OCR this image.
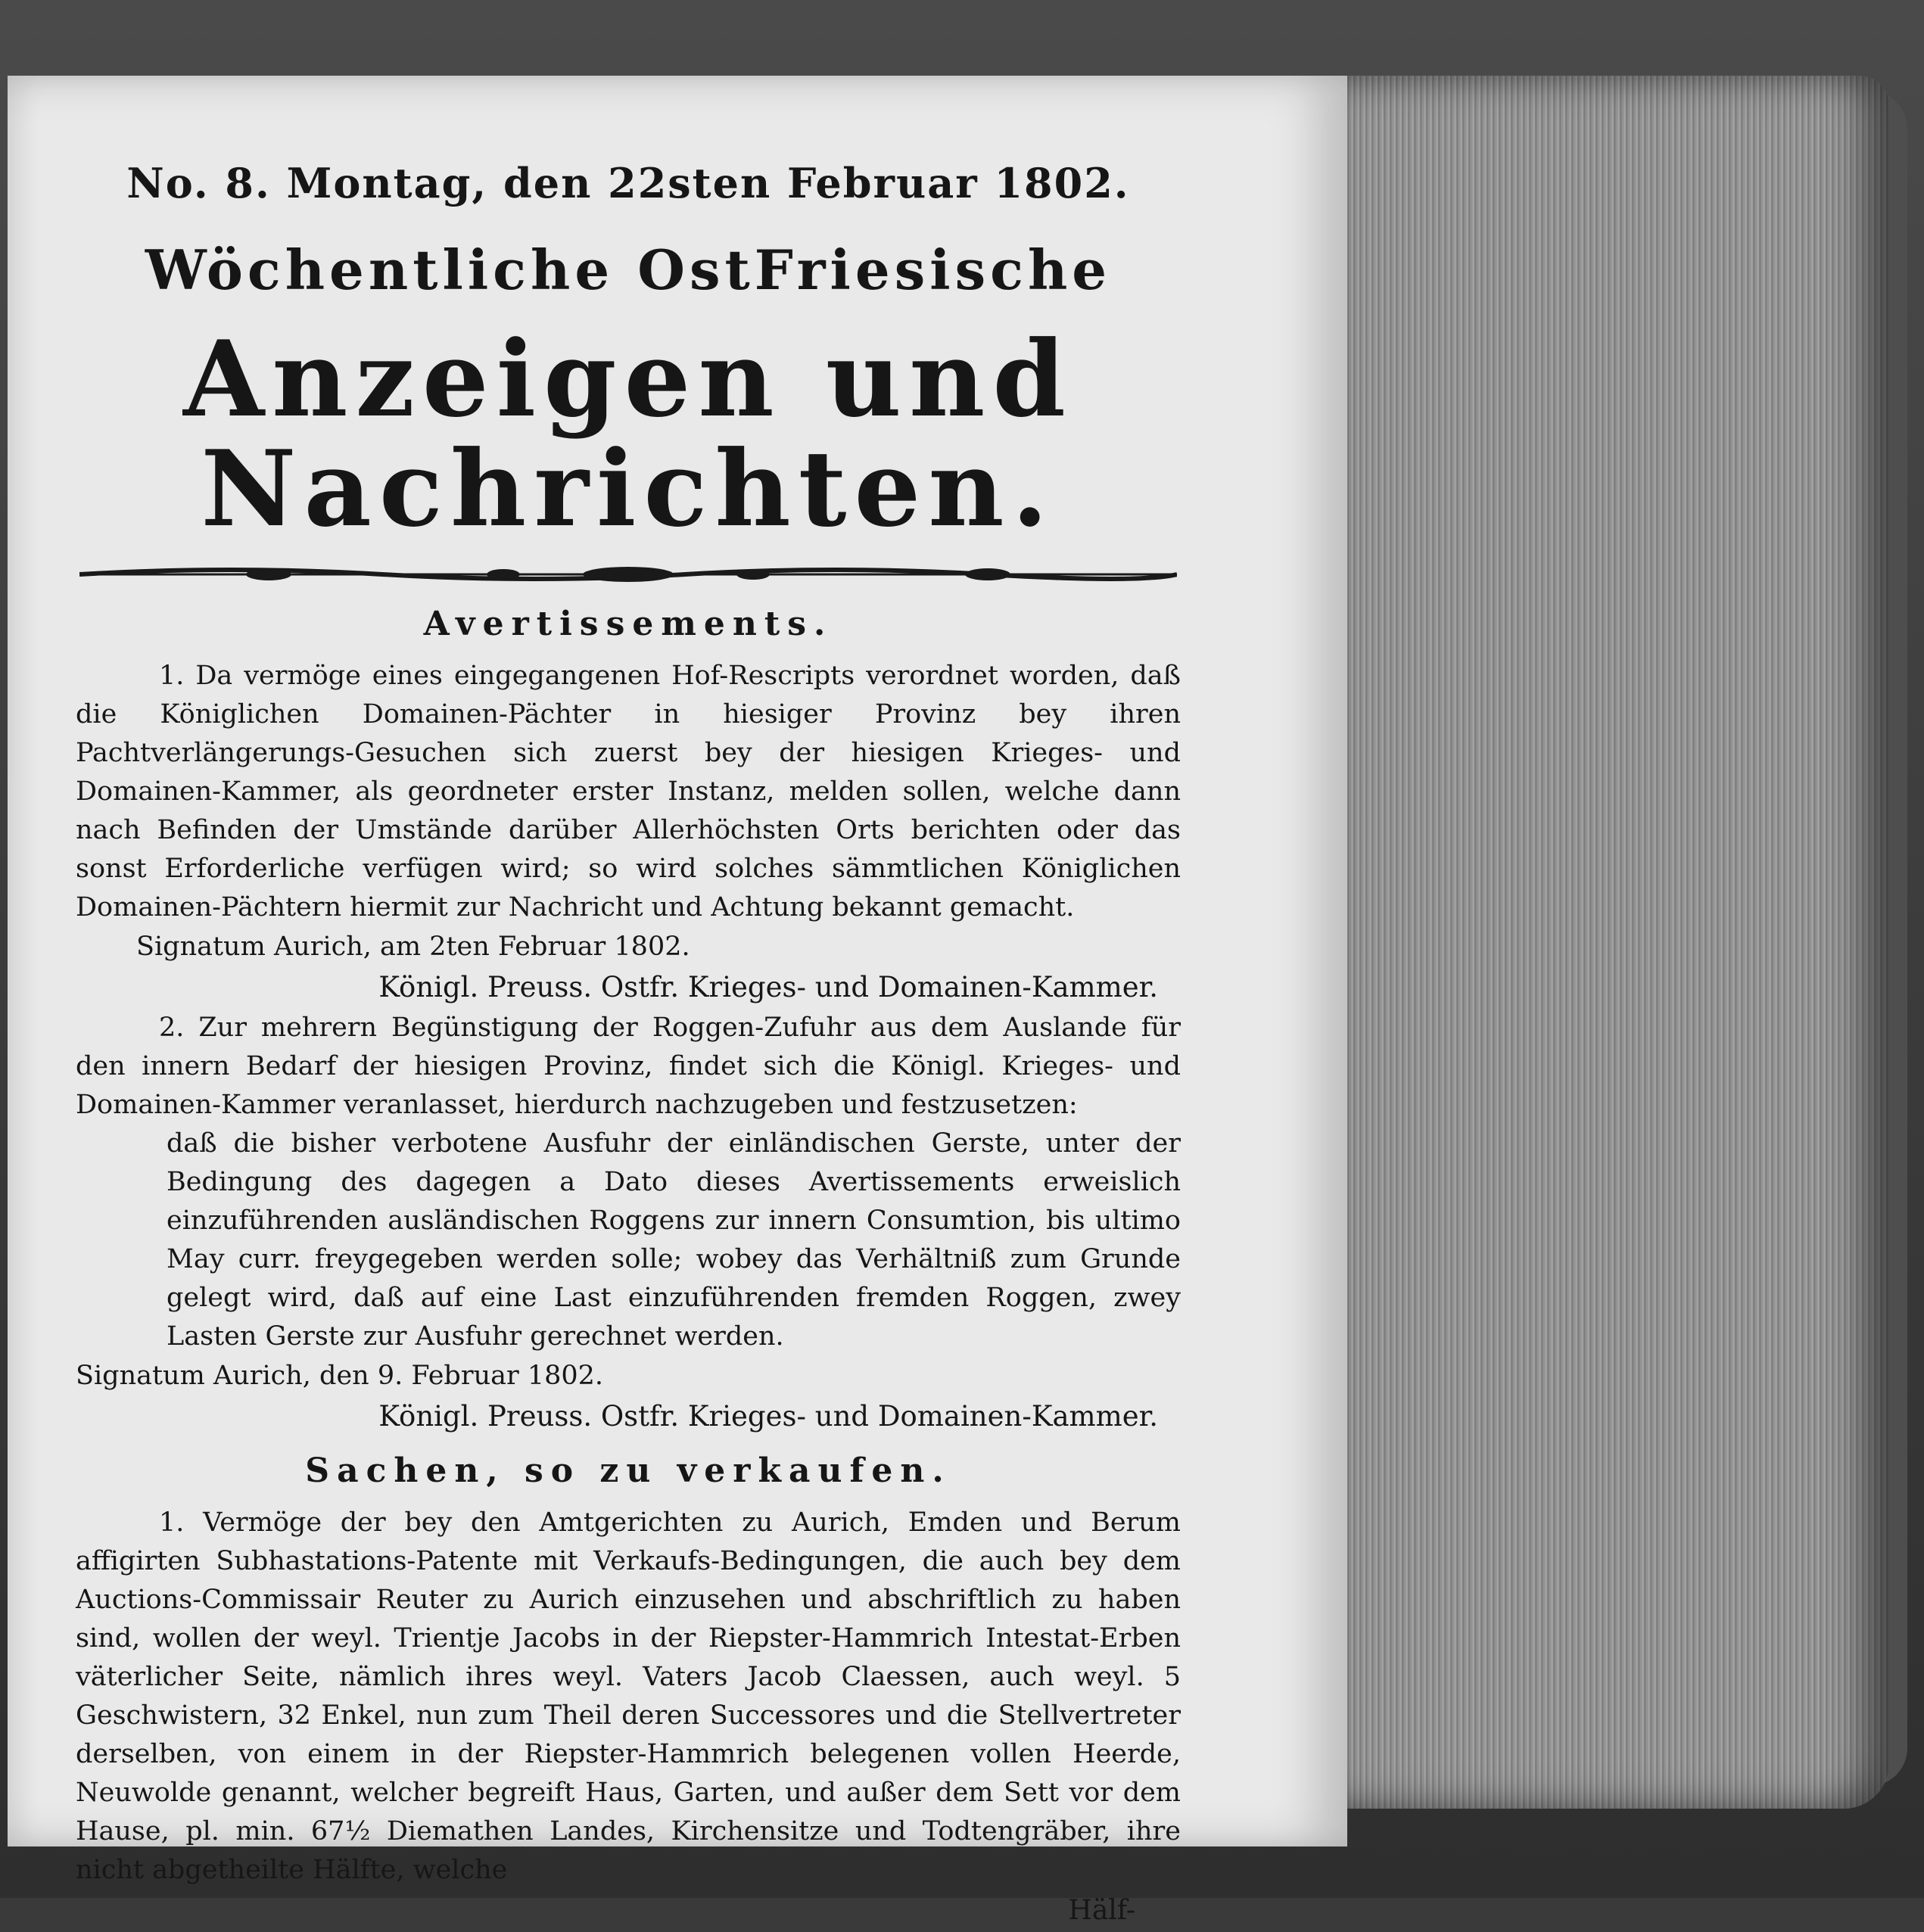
No. 8. Montag, den 22sten Februar 1802.
Wöchentliche OstFriesische
Anzeigen und Nachrichten.
Avertissements.

1. Da vermöge eines eingegangenen Hof-Rescripts verordnet worden, daß die Königlichen Domainen-Pächter in hiesiger Provinz bey ihren Pachtverlängerungs-Gesuchen sich zuerst bey der hiesigen Krieges- und Domainen-Kammer, als geordneter erster Instanz, melden sollen, welche dann nach Befinden der Umstände darüber Allerhöchsten Orts berichten oder das sonst Erforderliche verfügen wird; so wird solches sämmtlichen Königlichen Domainen-Pächtern hiermit zur Nachricht und Achtung bekannt gemacht.

Signatum Aurich, am 2ten Februar 1802.
Königl. Preuss. Ostfr. Krieges- und Domainen-Kammer.

2. Zur mehrern Begünstigung der Roggen-Zufuhr aus dem Auslande für den innern Bedarf der hiesigen Provinz, findet sich die Königl. Krieges- und Domainen-Kammer veranlasset, hierdurch nachzugeben und festzusetzen:

daß die bisher verbotene Ausfuhr der einländischen Gerste, unter der Bedingung des dagegen a Dato dieses Avertissements erweislich einzuführenden ausländischen Roggens zur innern Consumtion, bis ultimo May curr. freygegeben werden solle; wobey das Verhältniß zum Grunde gelegt wird, daß auf eine Last einzuführenden fremden Roggen, zwey Lasten Gerste zur Ausfuhr gerechnet werden.

Signatum Aurich, den 9. Februar 1802.
Königl. Preuss. Ostfr. Krieges- und Domainen-Kammer.
Sachen, so zu verkaufen.

1. Vermöge der bey den Amtgerichten zu Aurich, Emden und Berum affigirten Subhastations-Patente mit Verkaufs-Bedingungen, die auch bey dem Auctions-Commissair Reuter zu Aurich einzusehen und abschriftlich zu haben sind, wollen der weyl. Trientje Jacobs in der Riepster-Hammrich Intestat-Erben väterlicher Seite, nämlich ihres weyl. Vaters Jacob Claessen, auch weyl. 5 Geschwistern, 32 Enkel, nun zum Theil deren Successores und die Stellvertreter derselben, von einem in der Riepster-Hammrich belegenen vollen Heerde, Neuwolde genannt, welcher begreift Haus, Garten, und außer dem Sett vor dem Hause, pl. min. 67½ Diemathen Landes, Kirchensitze und Todtengräber, ihre nicht abgetheilte Hälfte, welche

Hälf-
